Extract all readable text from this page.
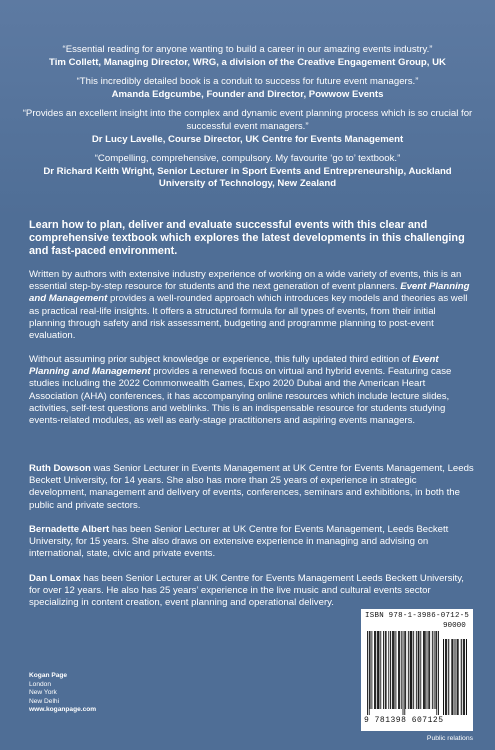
“Essential reading for anyone wanting to build a career in our amazing events industry.”
Tim Collett, Managing Director, WRG, a division of the Creative Engagement Group, UK
“This incredibly detailed book is a conduit to success for future event managers.”
Amanda Edgcumbe, Founder and Director, Powwow Events
“Provides an excellent insight into the complex and dynamic event planning process which is so crucial for successful event managers.”
Dr Lucy Lavelle, Course Director, UK Centre for Events Management
“Compelling, comprehensive, compulsory. My favourite ‘go to’ textbook.”
Dr Richard Keith Wright, Senior Lecturer in Sport Events and Entrepreneurship, Auckland University of Technology, New Zealand
Learn how to plan, deliver and evaluate successful events with this clear and comprehensive textbook which explores the latest developments in this challenging and fast-paced environment.
Written by authors with extensive industry experience of working on a wide variety of events, this is an essential step-by-step resource for students and the next generation of event planners. Event Planning and Management provides a well-rounded approach which introduces key models and theories as well as practical real-life insights. It offers a structured formula for all types of events, from their initial planning through safety and risk assessment, budgeting and programme planning to post-event evaluation.
Without assuming prior subject knowledge or experience, this fully updated third edition of Event Planning and Management provides a renewed focus on virtual and hybrid events. Featuring case studies including the 2022 Commonwealth Games, Expo 2020 Dubai and the American Heart Association (AHA) conferences, it has accompanying online resources which include lecture slides, activities, self-test questions and weblinks. This is an indispensable resource for students studying events-related modules, as well as early-stage practitioners and aspiring events managers.
Ruth Dowson was Senior Lecturer in Events Management at UK Centre for Events Management, Leeds Beckett University, for 14 years. She also has more than 25 years of experience in strategic development, management and delivery of events, conferences, seminars and exhibitions, in both the public and private sectors.
Bernadette Albert has been Senior Lecturer at UK Centre for Events Management, Leeds Beckett University, for 15 years. She also draws on extensive experience in managing and advising on international, state, civic and private events.
Dan Lomax has been Senior Lecturer at UK Centre for Events Management Leeds Beckett University, for over 12 years. He also has 25 years’ experience in the live music and cultural events sector specializing in content creation, event planning and operational delivery.
Kogan Page
London
New York
New Delhi
www.koganpage.com
ISBN 978-1-3986-0712-5
90000
9 781398 607125
Public relations
